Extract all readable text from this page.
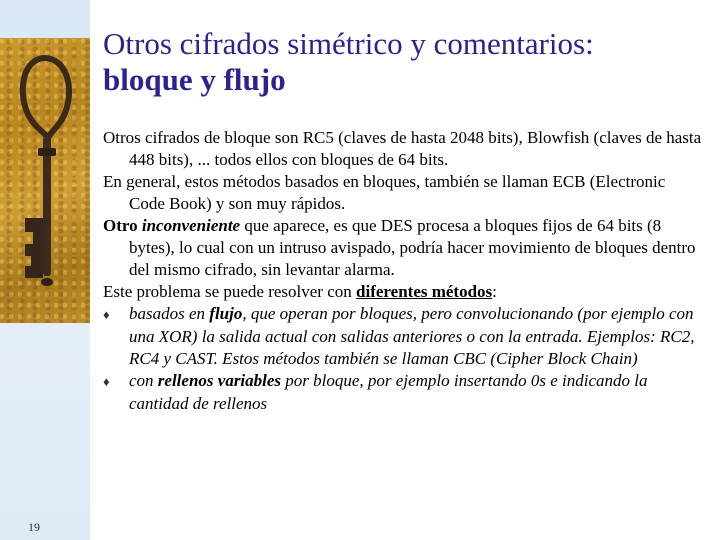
19
Otros cifrados simétrico y comentarios:
bloque y flujo

Otros cifrados de bloque son RC5 (claves de hasta 2048 bits), Blowfish (claves de hasta 448 bits), ... todos ellos con bloques de 64 bits.

En general, estos métodos basados en bloques, también se llaman ECB (Electronic Code Book) y son muy rápidos.

Otro inconveniente que aparece, es que DES procesa a bloques fijos de 64 bits (8 bytes), lo cual con un intruso avispado, podría hacer movimiento de bloques dentro del mismo cifrado, sin levantar alarma.

Este problema se puede resolver con diferentes métodos:

♦ basados en flujo, que operan por bloques, pero convolucionando (por ejemplo con una XOR) la salida actual con salidas anteriores o con la entrada. Ejemplos: RC2, RC4 y CAST. Estos métodos también se llaman CBC (Cipher Block Chain)

♦ con rellenos variables por bloque, por ejemplo insertando 0s e indicando la cantidad de rellenos
